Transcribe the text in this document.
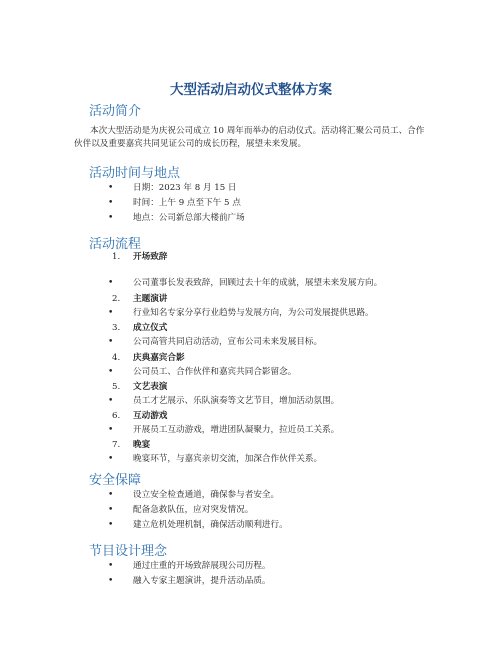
大型活动启动仪式整体方案
活动简介
本次大型活动是为庆祝公司成立 10 周年而举办的启动仪式。活动将汇聚公司员工、合作伙伴以及重要嘉宾共同见证公司的成长历程，展望未来发展。
活动时间与地点
• 日期：2023 年 8 月 15 日
• 时间：上午 9 点至下午 5 点
• 地点：公司新总部大楼前广场
活动流程
1. 开场致辞
• 公司董事长发表致辞，回顾过去十年的成就，展望未来发展方向。
2. 主题演讲
• 行业知名专家分享行业趋势与发展方向，为公司发展提供思路。
3. 成立仪式
• 公司高管共同启动活动，宣布公司未来发展目标。
4. 庆典嘉宾合影
• 公司员工、合作伙伴和嘉宾共同合影留念。
5. 文艺表演
• 员工才艺展示、乐队演奏等文艺节目，增加活动氛围。
6. 互动游戏
• 开展员工互动游戏，增进团队凝聚力，拉近员工关系。
7. 晚宴
• 晚宴环节，与嘉宾亲切交流，加深合作伙伴关系。
安全保障
• 设立安全检查通道，确保参与者安全。
• 配备急救队伍，应对突发情况。
• 建立危机处理机制，确保活动顺利进行。
节目设计理念
• 通过庄重的开场致辞展现公司历程。
• 融入专家主题演讲，提升活动品质。
